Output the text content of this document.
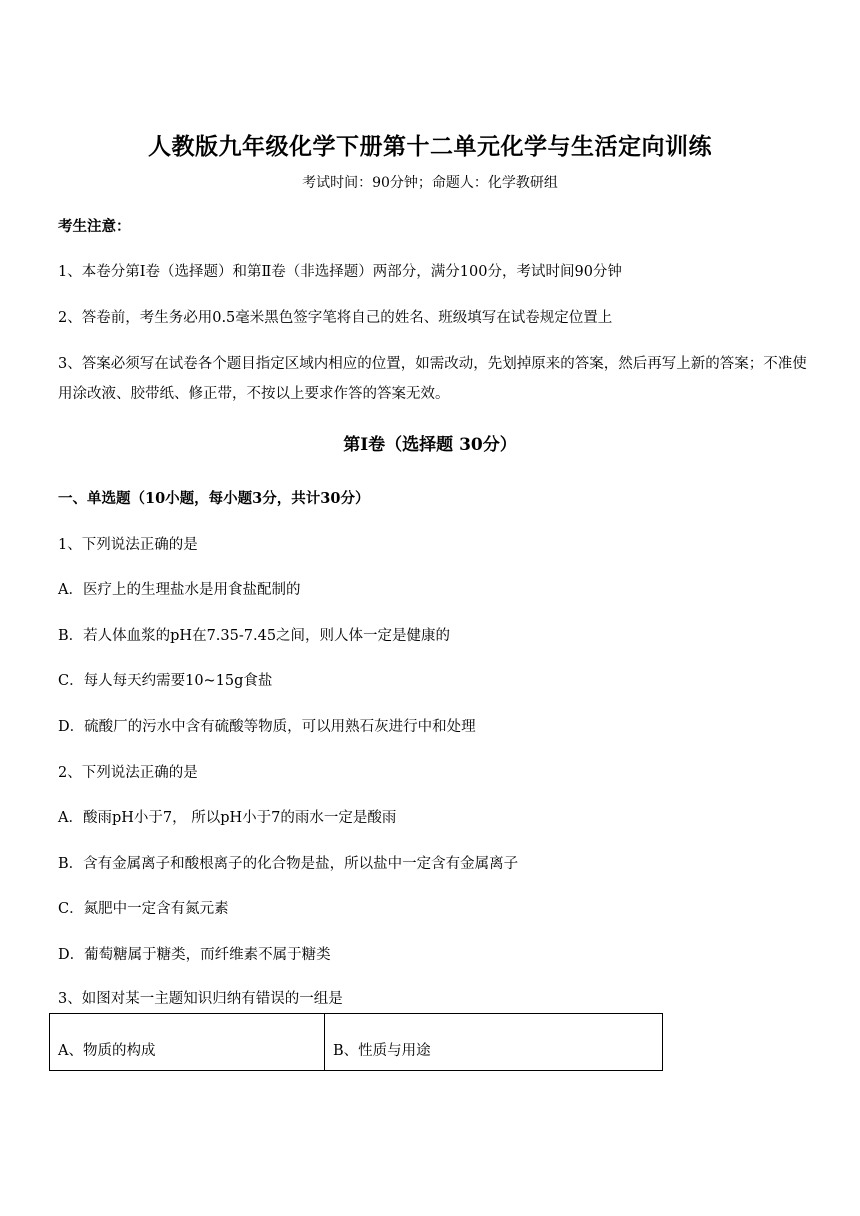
人教版九年级化学下册第十二单元化学与生活定向训练
考试时间：90分钟；命题人：化学教研组
考生注意：
1、本卷分第I卷（选择题）和第Ⅱ卷（非选择题）两部分，满分100分，考试时间90分钟
2、答卷前，考生务必用0.5毫米黑色签字笔将自己的姓名、班级填写在试卷规定位置上
3、答案必须写在试卷各个题目指定区域内相应的位置，如需改动，先划掉原来的答案，然后再写上新的答案；不准使用涂改液、胶带纸、修正带，不按以上要求作答的答案无效。
第I卷（选择题 30分）
一、单选题（10小题，每小题3分，共计30分）
1、下列说法正确的是
A．医疗上的生理盐水是用食盐配制的
B．若人体血浆的pH在7.35-7.45之间，则人体一定是健康的
C．每人每天约需要10~15g食盐
D．硫酸厂的污水中含有硫酸等物质，可以用熟石灰进行中和处理
2、下列说法正确的是
A．酸雨pH小于7， 所以pH小于7的雨水一定是酸雨
B．含有金属离子和酸根离子的化合物是盐，所以盐中一定含有金属离子
C．氮肥中一定含有氮元素
D．葡萄糖属于糖类，而纤维素不属于糖类
3、如图对某一主题知识归纳有错误的一组是
A、物质的构成	B、性质与用途
